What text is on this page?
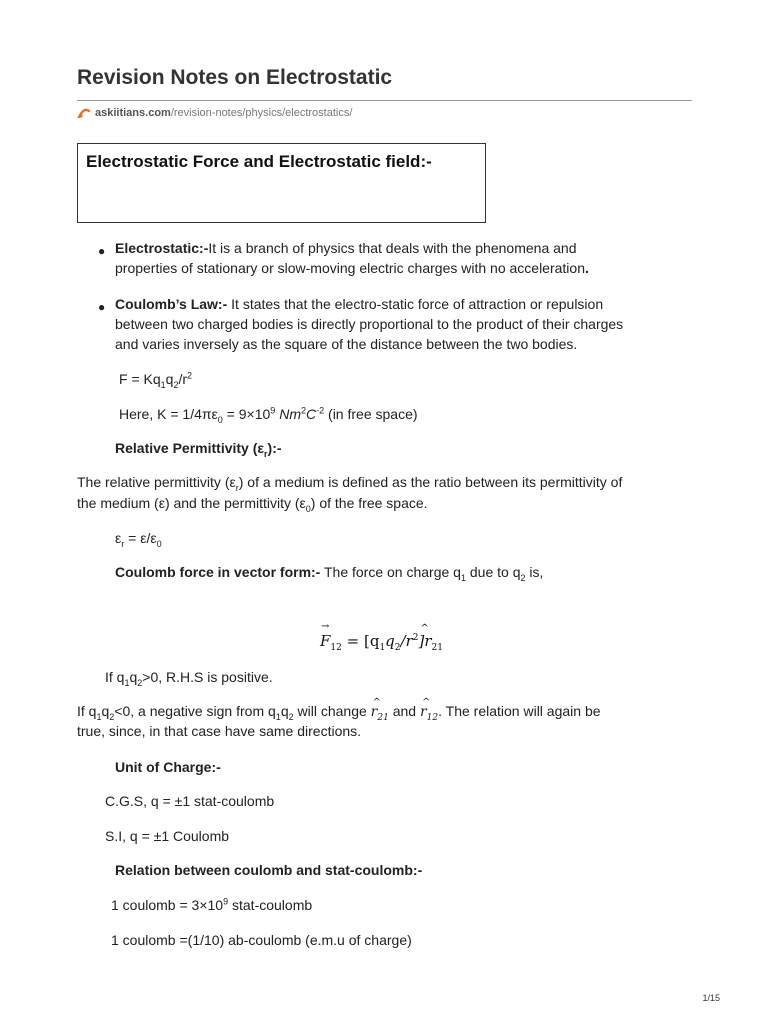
Revision Notes on Electrostatic
askiitians.com /revision-notes/physics/electrostatics/
Electrostatic Force and Electrostatic field:-
● Electrostatic:-It is a branch of physics that deals with the phenomena and
properties of stationary or slow-moving electric charges with no acceleration.
● Coulomb’s Law:- It states that the electro-static force of attraction or repulsion
between two charged bodies is directly proportional to the product of their charges
and varies inversely as the square of the distance between the two bodies.
$F = Kq_1q_2/r^2$
Here, $K = 1/4\pi\varepsilon_0 = 9\times 10^9$ $Nm^2C^{-2}$ (in free space)
Relative Permittivity $(\varepsilon_r):-$
The relative permittivity $(\varepsilon_r)$ of a medium is defined as the ratio between its permittivity of
the medium (ε) and the permittivity $(\varepsilon_0)$ of the free space.
$\varepsilon_r = \varepsilon/\varepsilon_0$
Coulomb force in vector form:- The force on charge $q_1$ due to $q_2$ is,
→ $F_{12}$ = [$q_1q_2/r^2\^{}$ ]$r_{21}$
If $q_1q_2>0$, R.H.S is positive.
If $q_1q_2<0$, a negative sign from $q_1q_2$ will change ^ $r_{21}$ and ^ $r_{12}$. The relation will again be
true, since, in that case have same directions.
Unit of Charge:-
C.G.S, q = ±1 stat-coulomb
S.I, q = ±1 Coulomb
Relation between coulomb and stat-coulomb:-
1 coulomb = $3\times 10^9$ stat-coulomb
1 coulomb =(1/10) ab-coulomb (e.m.u of charge)
1/15
